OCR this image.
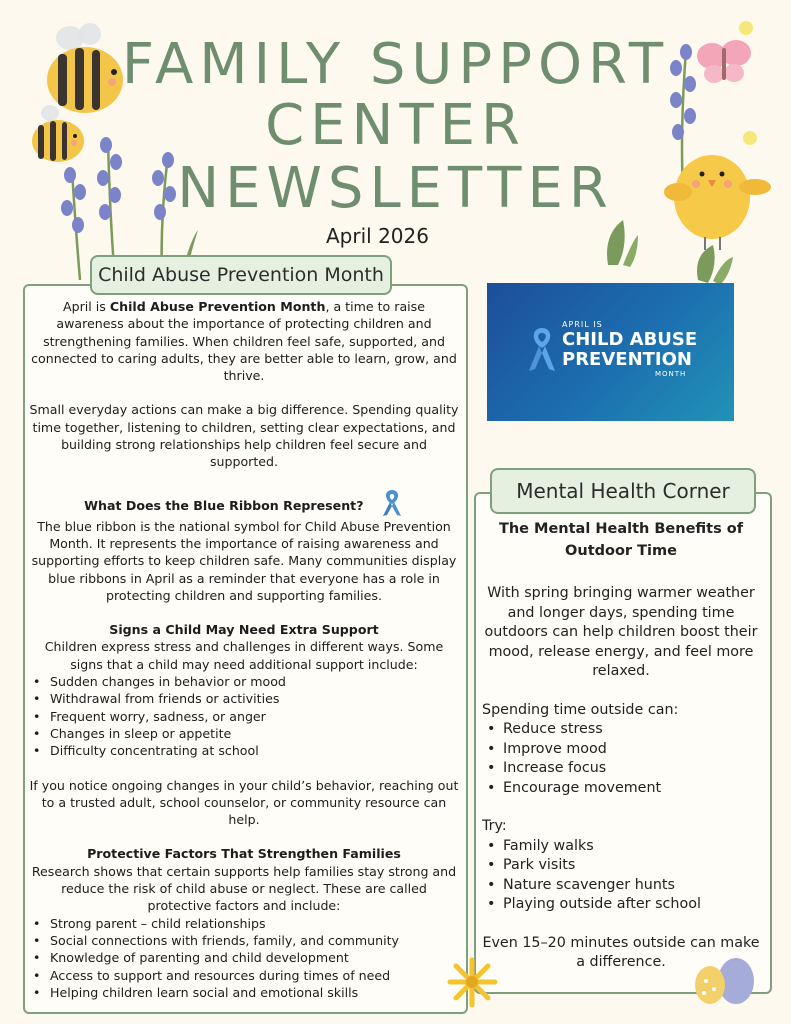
FAMILY SUPPORT
CENTER
NEWSLETTER
April 2026
Child Abuse Prevention Month

April is Child Abuse Prevention Month, a time to raise awareness about the importance of protecting children and strengthening families. When children feel safe, supported, and connected to caring adults, they are better able to learn, grow, and thrive.

Small everyday actions can make a big difference. Spending quality time together, listening to children, setting clear expectations, and building strong relationships help children feel secure and supported.

What Does the Blue Ribbon Represent?

The blue ribbon is the national symbol for Child Abuse Prevention Month. It represents the importance of raising awareness and supporting efforts to keep children safe. Many communities display blue ribbons in April as a reminder that everyone has a role in protecting children and supporting families.

Signs a Child May Need Extra Support

Children express stress and challenges in different ways. Some signs that a child may need additional support include:

• Sudden changes in behavior or mood
• Withdrawal from friends or activities
• Frequent worry, sadness, or anger
• Changes in sleep or appetite
• Difficulty concentrating at school

If you notice ongoing changes in your child’s behavior, reaching out to a trusted adult, school counselor, or community resource can help.

Protective Factors That Strengthen Families

Research shows that certain supports help families stay strong and reduce the risk of child abuse or neglect. These are called protective factors and include:

• Strong parent – child relationships
• Social connections with friends, family, and community
• Knowledge of parenting and child development
• Access to support and resources during times of need
• Helping children learn social and emotional skills
APRIL IS
CHILD ABUSE
PREVENTION
MONTH
Mental Health Corner
The Mental Health Benefits of Outdoor Time
With spring bringing warmer weather and longer days, spending time outdoors can help children boost their mood, release energy, and feel more relaxed.
Spending time outside can:
• Reduce stress
• Improve mood
• Increase focus
• Encourage movement
Try:
• Family walks
• Park visits
• Nature scavenger hunts
• Playing outside after school
Even 15–20 minutes outside can make a difference.
